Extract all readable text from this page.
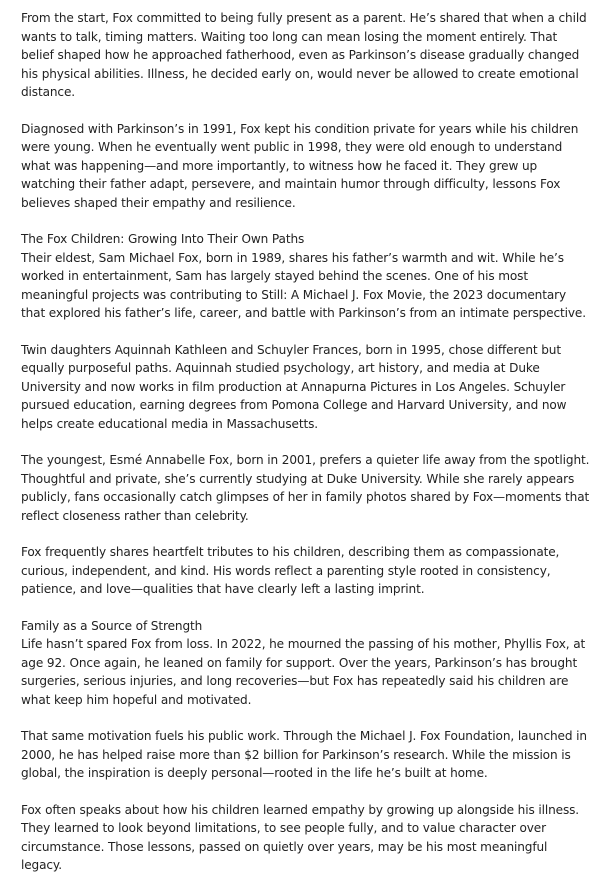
From the start, Fox committed to being fully present as a parent. He’s shared that when a child wants to talk, timing matters. Waiting too long can mean losing the moment entirely. That belief shaped how he approached fatherhood, even as Parkinson’s disease gradually changed his physical abilities. Illness, he decided early on, would never be allowed to create emotional distance.

Diagnosed with Parkinson’s in 1991, Fox kept his condition private for years while his children were young. When he eventually went public in 1998, they were old enough to understand what was happening—and more importantly, to witness how he faced it. They grew up watching their father adapt, persevere, and maintain humor through difficulty, lessons Fox believes shaped their empathy and resilience.

The Fox Children: Growing Into Their Own Paths
Their eldest, Sam Michael Fox, born in 1989, shares his father’s warmth and wit. While he’s worked in entertainment, Sam has largely stayed behind the scenes. One of his most meaningful projects was contributing to Still: A Michael J. Fox Movie, the 2023 documentary that explored his father’s life, career, and battle with Parkinson’s from an intimate perspective.

Twin daughters Aquinnah Kathleen and Schuyler Frances, born in 1995, chose different but equally purposeful paths. Aquinnah studied psychology, art history, and media at Duke University and now works in film production at Annapurna Pictures in Los Angeles. Schuyler pursued education, earning degrees from Pomona College and Harvard University, and now helps create educational media in Massachusetts.

The youngest, Esmé Annabelle Fox, born in 2001, prefers a quieter life away from the spotlight. Thoughtful and private, she’s currently studying at Duke University. While she rarely appears publicly, fans occasionally catch glimpses of her in family photos shared by Fox—moments that reflect closeness rather than celebrity.

Fox frequently shares heartfelt tributes to his children, describing them as compassionate, curious, independent, and kind. His words reflect a parenting style rooted in consistency, patience, and love—qualities that have clearly left a lasting imprint.

Family as a Source of Strength
Life hasn’t spared Fox from loss. In 2022, he mourned the passing of his mother, Phyllis Fox, at age 92. Once again, he leaned on family for support. Over the years, Parkinson’s has brought surgeries, serious injuries, and long recoveries—but Fox has repeatedly said his children are what keep him hopeful and motivated.

That same motivation fuels his public work. Through the Michael J. Fox Foundation, launched in 2000, he has helped raise more than $2 billion for Parkinson’s research. While the mission is global, the inspiration is deeply personal—rooted in the life he’s built at home.

Fox often speaks about how his children learned empathy by growing up alongside his illness. They learned to look beyond limitations, to see people fully, and to value character over circumstance. Those lessons, passed on quietly over years, may be his most meaningful legacy.
